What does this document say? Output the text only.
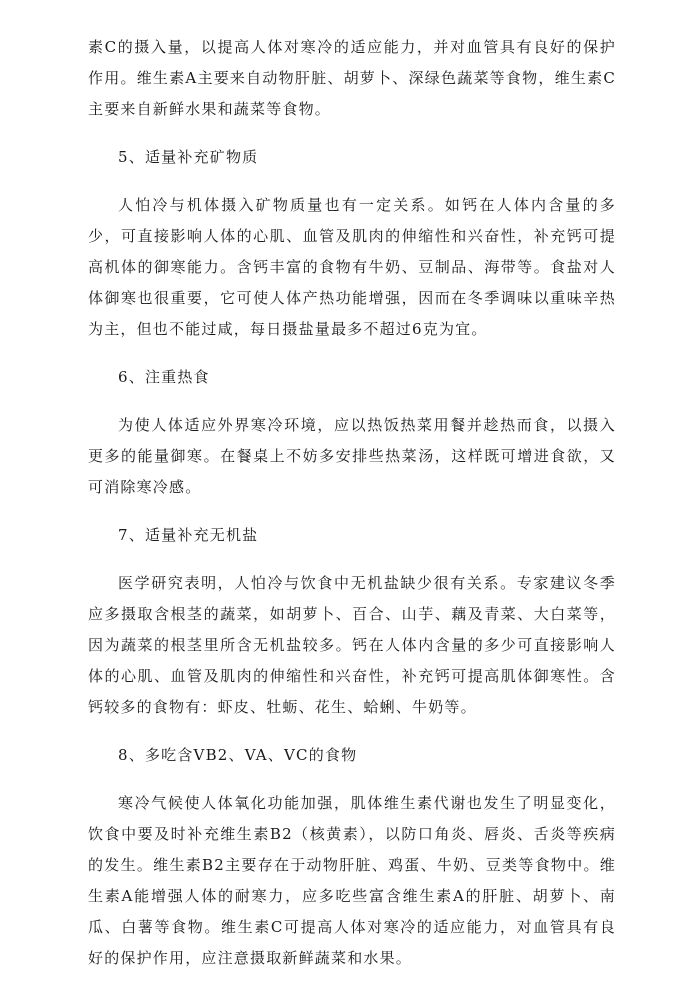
素C的摄入量，以提高人体对寒冷的适应能力，并对血管具有良好的保护作用。维生素A主要来自动物肝脏、胡萝卜、深绿色蔬菜等食物，维生素C主要来自新鲜水果和蔬菜等食物。

5、适量补充矿物质

人怕冷与机体摄入矿物质量也有一定关系。如钙在人体内含量的多少，可直接影响人体的心肌、血管及肌肉的伸缩性和兴奋性，补充钙可提高机体的御寒能力。含钙丰富的食物有牛奶、豆制品、海带等。食盐对人体御寒也很重要，它可使人体产热功能增强，因而在冬季调味以重味辛热为主，但也不能过咸，每日摄盐量最多不超过6克为宜。

6、注重热食

为使人体适应外界寒冷环境，应以热饭热菜用餐并趁热而食，以摄入更多的能量御寒。在餐桌上不妨多安排些热菜汤，这样既可增进食欲，又可消除寒冷感。

7、适量补充无机盐

医学研究表明，人怕冷与饮食中无机盐缺少很有关系。专家建议冬季应多摄取含根茎的蔬菜，如胡萝卜、百合、山芋、藕及青菜、大白菜等，因为蔬菜的根茎里所含无机盐较多。钙在人体内含量的多少可直接影响人体的心肌、血管及肌肉的伸缩性和兴奋性，补充钙可提高肌体御寒性。含钙较多的食物有：虾皮、牡蛎、花生、蛤蜊、牛奶等。

8、多吃含VB2、VA、VC的食物

寒冷气候使人体氧化功能加强，肌体维生素代谢也发生了明显变化，饮食中要及时补充维生素B2（核黄素），以防口角炎、唇炎、舌炎等疾病的发生。维生素B2主要存在于动物肝脏、鸡蛋、牛奶、豆类等食物中。维生素A能增强人体的耐寒力，应多吃些富含维生素A的肝脏、胡萝卜、南瓜、白薯等食物。维生素C可提高人体对寒冷的适应能力，对血管具有良好的保护作用，应注意摄取新鲜蔬菜和水果。
